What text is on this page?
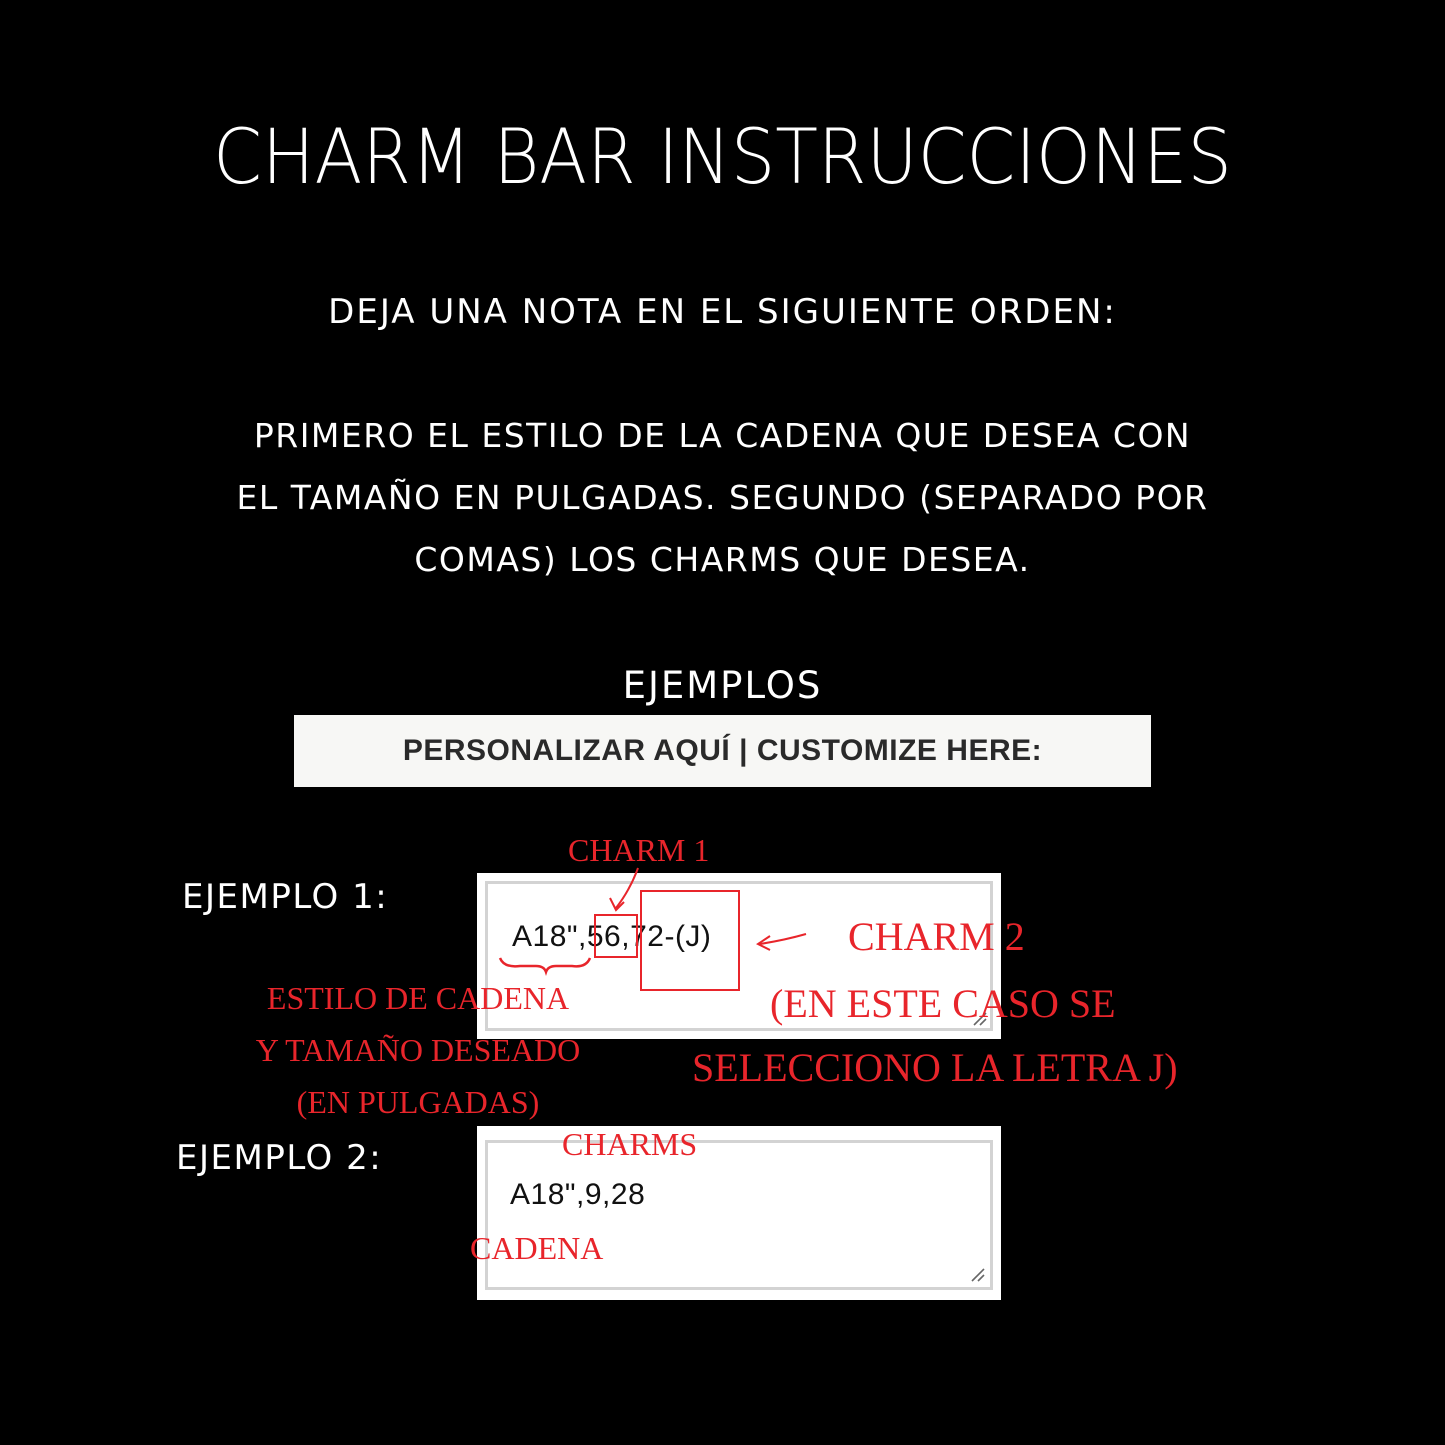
CHARM BAR INSTRUCCIONES
DEJA UNA NOTA EN EL SIGUIENTE ORDEN:
PRIMERO EL ESTILO DE LA CADENA QUE DESEA CON
EL TAMAÑO EN PULGADAS. SEGUNDO (SEPARADO POR
COMAS) LOS CHARMS QUE DESEA.
EJEMPLOS
PERSONALIZAR AQUÍ | CUSTOMIZE HERE:
EJEMPLO 1:
A18",56,72-(J)
CHARM 1
CHARM 2
(EN ESTE CASO SE
SELECCIONO LA LETRA J)
ESTILO DE CADENA
Y TAMAÑO DESEADO
(EN PULGADAS)
EJEMPLO 2:
A18",9,28
CHARMS
CADENA
